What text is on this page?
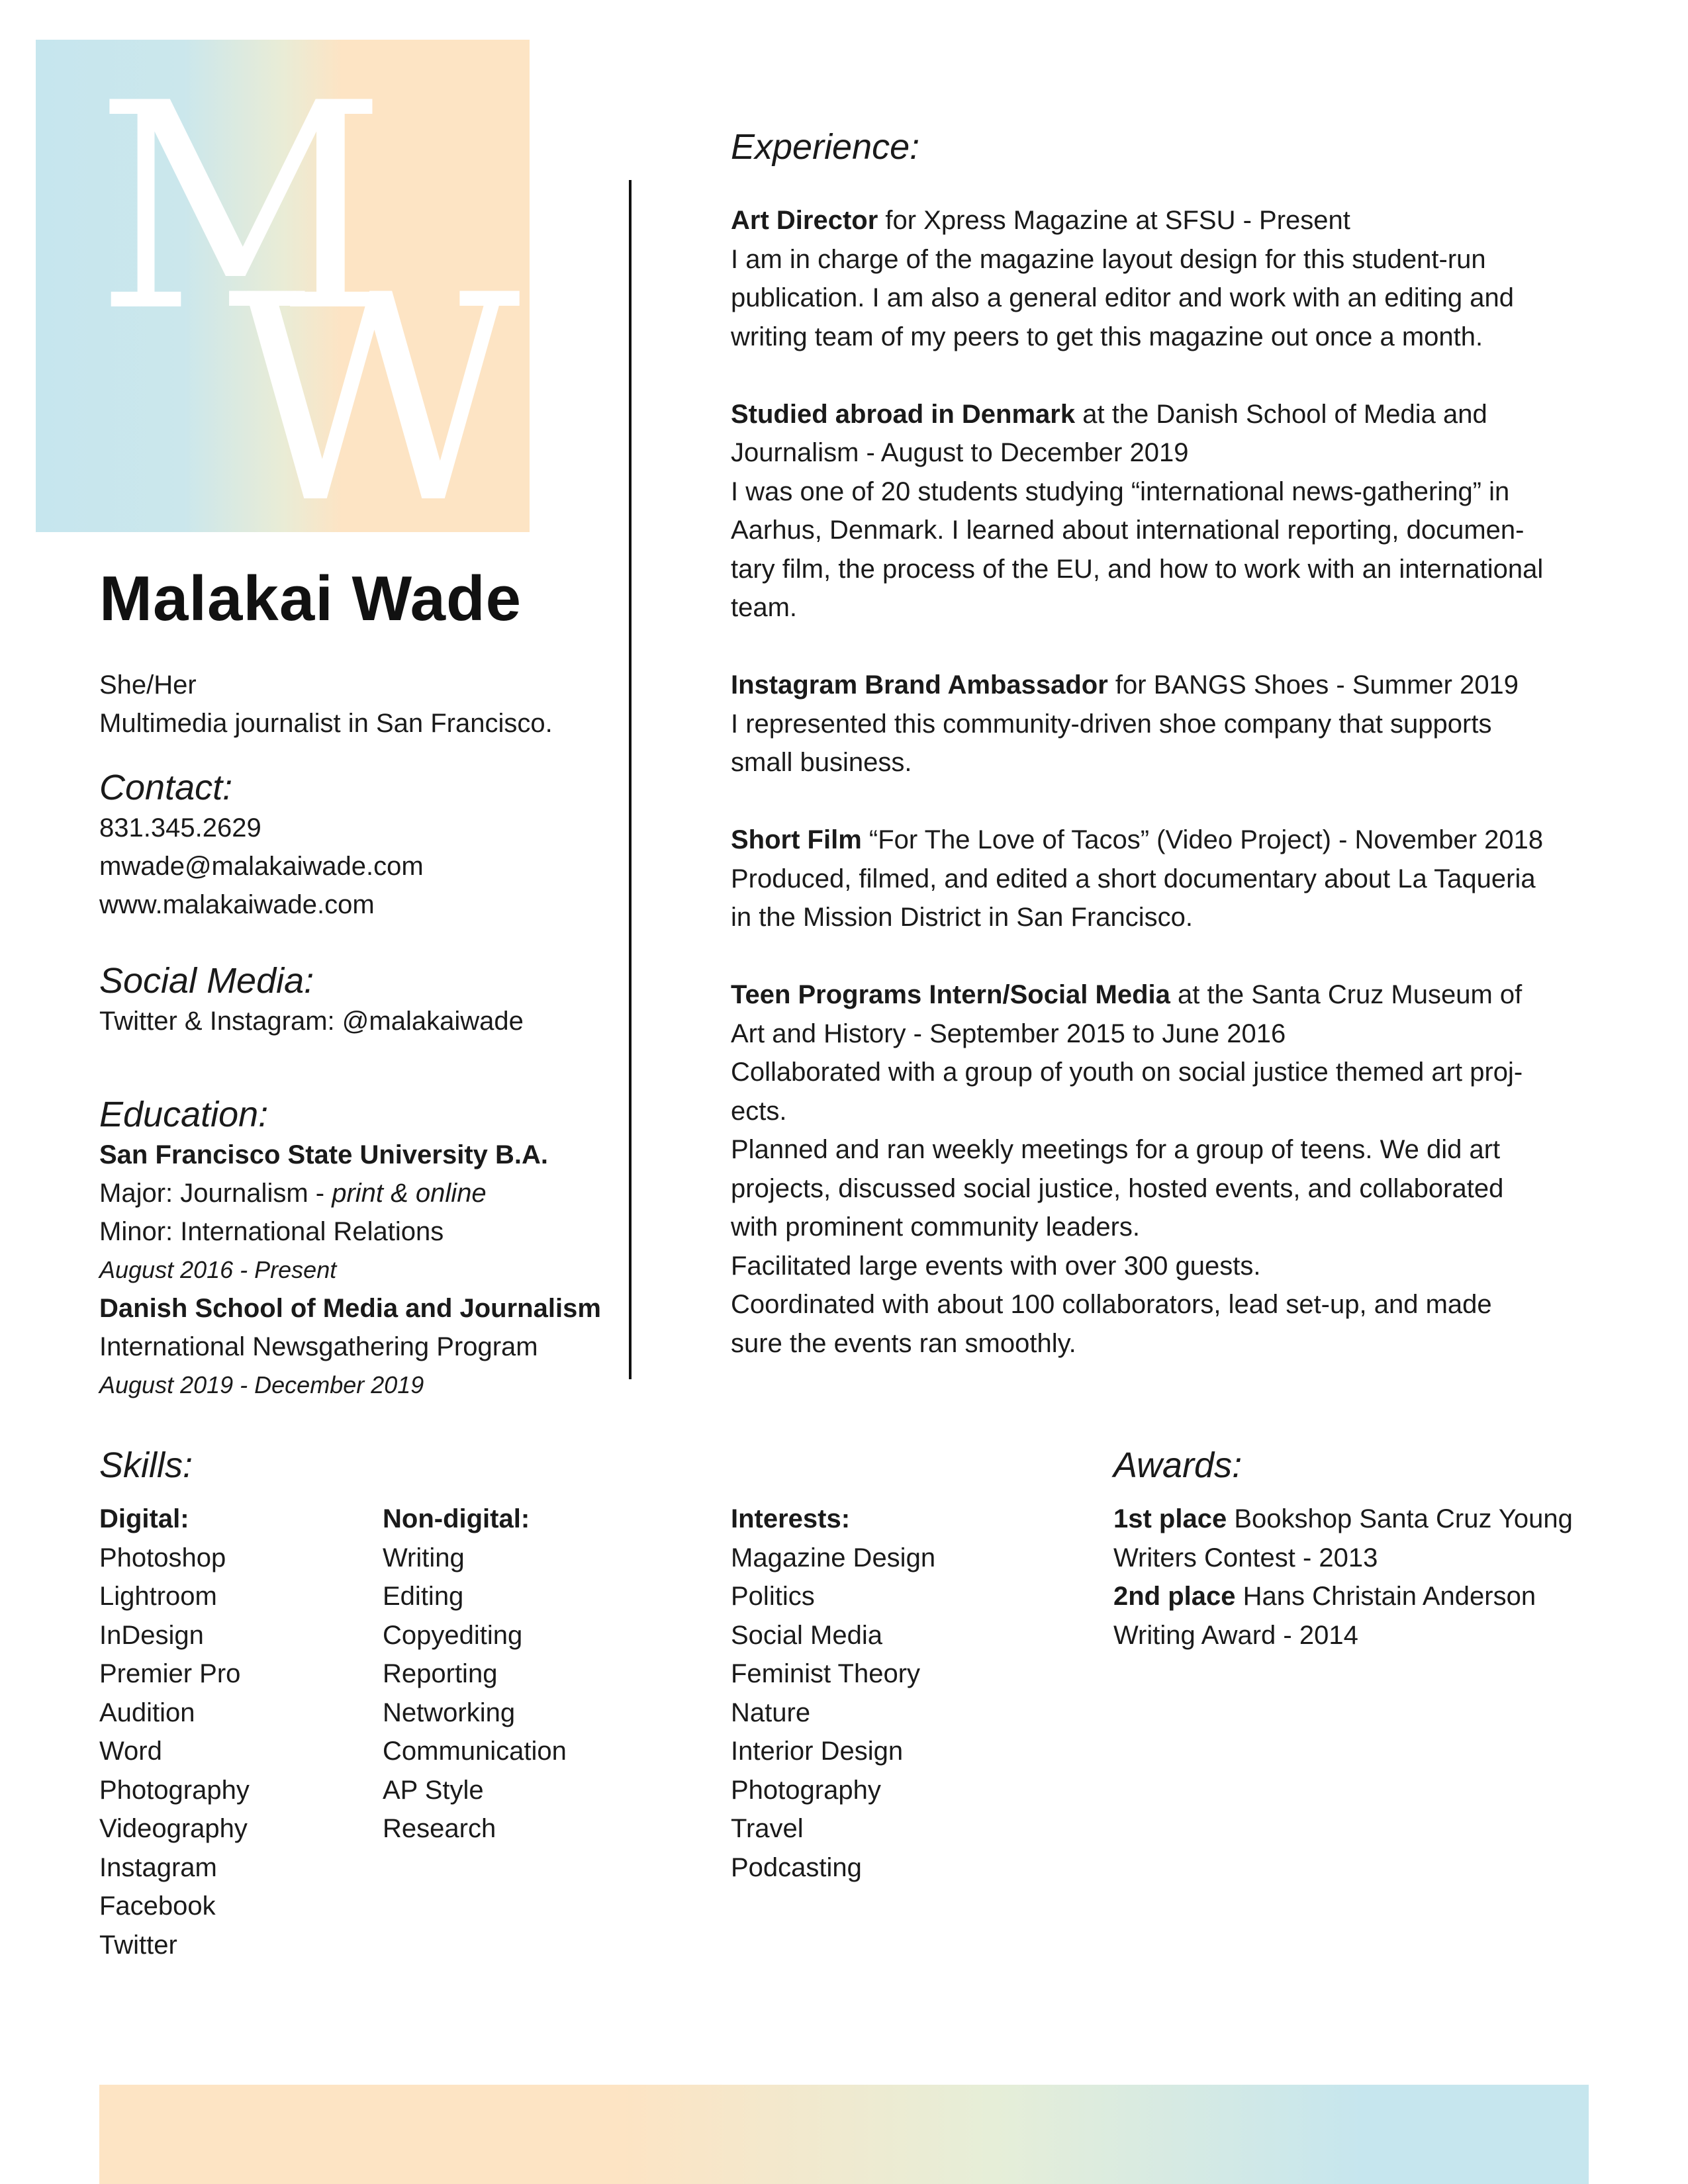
M
W
Malakai Wade
She/Her
Multimedia journalist in San Francisco.
Contact:
831.345.2629
mwade@malakaiwade.com
www.malakaiwade.com
Social Media:
Twitter & Instagram: @malakaiwade
Education:
San Francisco State University B.A.
Major: Journalism - print & online
Minor: International Relations
August 2016 - Present
Danish School of Media and Journalism
International Newsgathering Program
August 2019 - December 2019
Experience:
Art Director for Xpress Magazine at SFSU - Present
I am in charge of the magazine layout design for this student-run
publication. I am also a general editor and work with an editing and
writing team of my peers to get this magazine out once a month.
Studied abroad in Denmark at the Danish School of Media and
Journalism - August to December 2019
I was one of 20 students studying “international news-gathering” in
Aarhus, Denmark. I learned about international reporting, documen-
tary film, the process of the EU, and how to work with an international
team.
Instagram Brand Ambassador for BANGS Shoes - Summer 2019
I represented this community-driven shoe company that supports
small business.
Short Film “For The Love of Tacos” (Video Project) - November 2018
Produced, filmed, and edited a short documentary about La Taqueria
in the Mission District in San Francisco.
Teen Programs Intern/Social Media at the Santa Cruz Museum of
Art and History - September 2015 to June 2016
Collaborated with a group of youth on social justice themed art proj-
ects.
Planned and ran weekly meetings for a group of teens. We did art
projects, discussed social justice, hosted events, and collaborated
with prominent community leaders.
Facilitated large events with over 300 guests.
Coordinated with about 100 collaborators, lead set-up, and made
sure the events ran smoothly.
Skills:
Digital:
Photoshop
Lightroom
InDesign
Premier Pro
Audition
Word
Photography
Videography
Instagram
Facebook
Twitter
Non-digital:
Writing
Editing
Copyediting
Reporting
Networking
Communication
AP Style
Research
Interests:
Magazine Design
Politics
Social Media
Feminist Theory
Nature
Interior Design
Photography
Travel
Podcasting
Awards:
1st place Bookshop Santa Cruz Young
Writers Contest - 2013
2nd place Hans Christain Anderson
Writing Award - 2014
